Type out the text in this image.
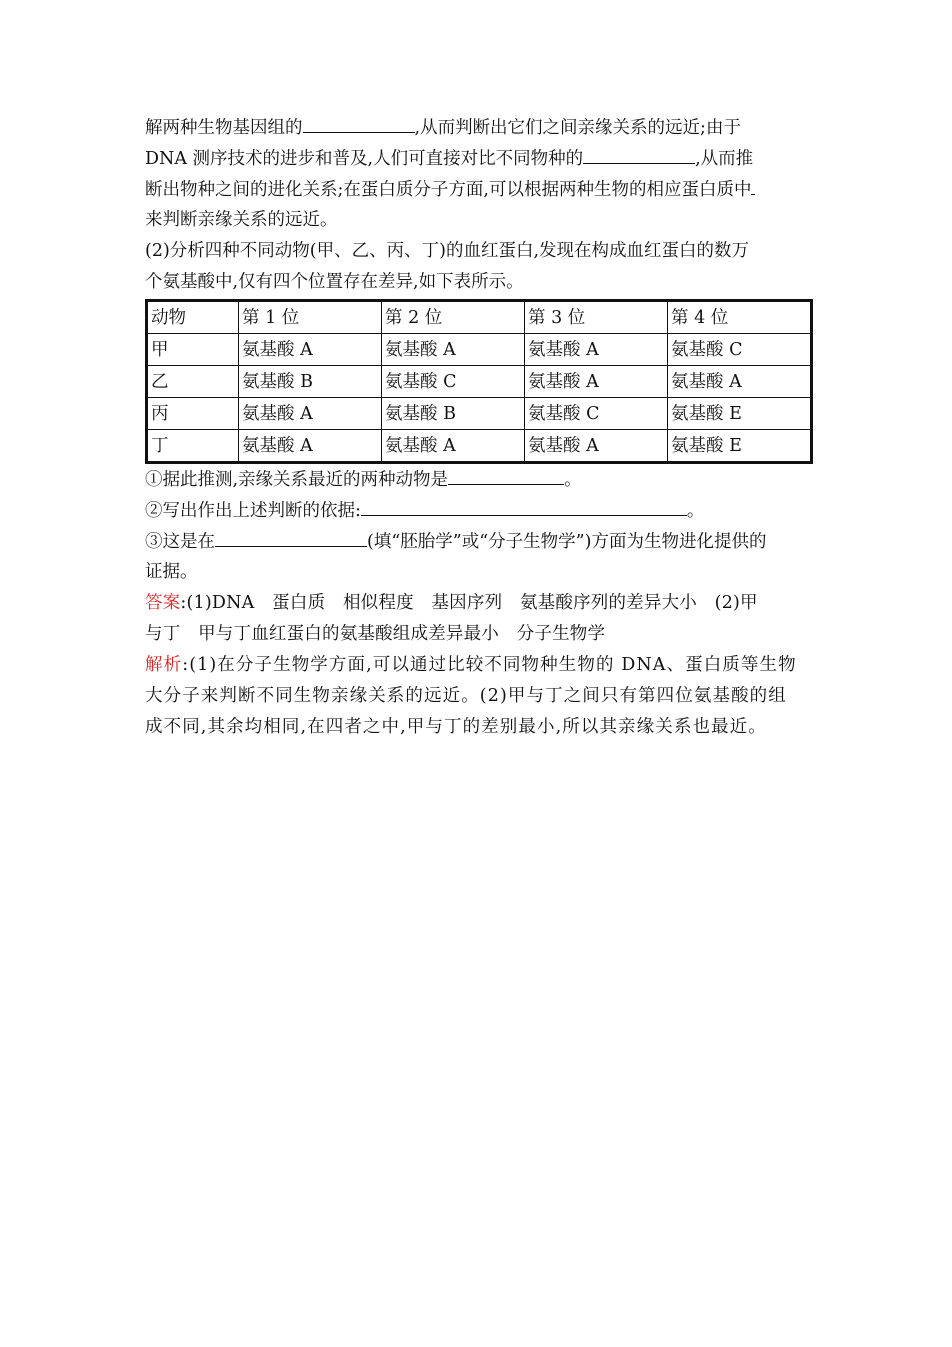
解两种生物基因组的	,从而判断出它们之间亲缘关系的远近;由于
DNA 测序技术的进步和普及,人们可直接对比不同物种的	,从而推
断出物种之间的进化关系;在蛋白质分子方面,可以根据两种生物的相应蛋白质中
来判断亲缘关系的远近。
(2)分析四种不同动物(甲、乙、丙、丁)的血红蛋白,发现在构成血红蛋白的数万
个氨基酸中,仅有四个位置存在差异,如下表所示。
动物	第 1 位	第 2 位	第 3 位	第 4 位
甲	氨基酸 A	氨基酸 A	氨基酸 A	氨基酸 C
乙	氨基酸 B	氨基酸 C	氨基酸 A	氨基酸 A
丙	氨基酸 A	氨基酸 B	氨基酸 C	氨基酸 E
丁	氨基酸 A	氨基酸 A	氨基酸 A	氨基酸 E
①据此推测,亲缘关系最近的两种动物是	。
②写出作出上述判断的依据:	。
③这是在	(填“胚胎学”或“分子生物学”)方面为生物进化提供的
证据。
答案:(1)DNA　蛋白质　相似程度　基因序列　氨基酸序列的差异大小　(2)甲
与丁　甲与丁血红蛋白的氨基酸组成差异最小　分子生物学
解析:(1)在分子生物学方面,可以通过比较不同物种生物的 DNA、蛋白质等生物
大分子来判断不同生物亲缘关系的远近。(2)甲与丁之间只有第四位氨基酸的组
成不同,其余均相同,在四者之中,甲与丁的差别最小,所以其亲缘关系也最近。
